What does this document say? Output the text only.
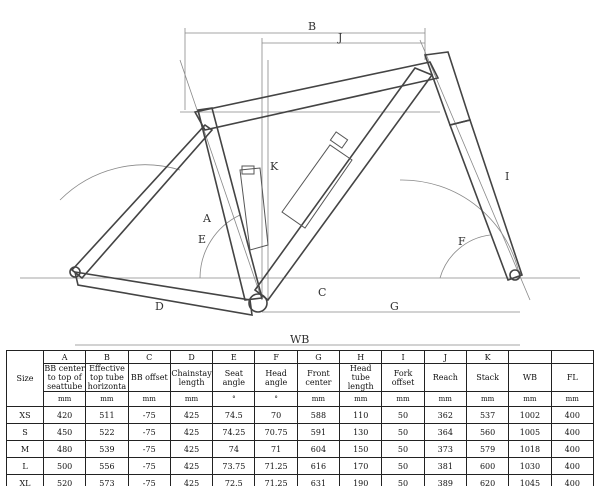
B
J
K
A
E	F
C
D	G
WB
I
Size	A	B	C	D	E	F	G	H	I	J	K		
	BB center to top of seattube	Effective top tube horizonta	BB offset	Chainstay length	Seat angle	Head angle	Front center	Head tube length	Fork offset	Reach	Stack	WB	FL
	mm	mm	mm	mm	°	°	mm	mm	mm	mm	mm	mm	mm
XS	420	511	-75	425	74.5	70	588	110	50	362	537	1002	400
S	450	522	-75	425	74.25	70.75	591	130	50	364	560	1005	400
M	480	539	-75	425	74	71	604	150	50	373	579	1018	400
L	500	556	-75	425	73.75	71.25	616	170	50	381	600	1030	400
XL	520	573	-75	425	72.5	71.25	631	190	50	389	620	1045	400
